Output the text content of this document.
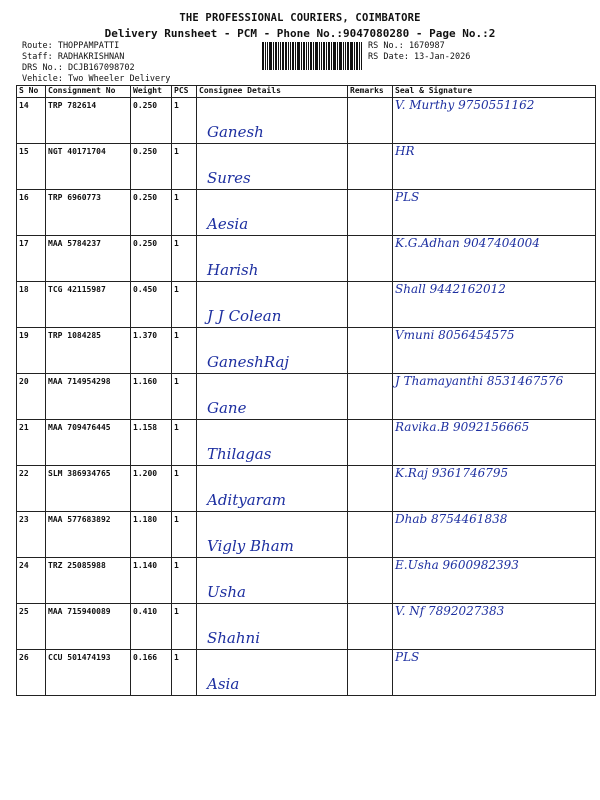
THE PROFESSIONAL COURIERS, COIMBATORE
Delivery Runsheet - PCM - Phone No.:9047080280 - Page No.:2
Route: THOPPAMPATTI
Staff: RADHAKRISHNAN
DRS No.: DCJB167098702
Vehicle: Two Wheeler Delivery
RS No.: 1670987
RS Date: 13-Jan-2026
S No	Consignment No	Weight	PCS	Consignee Details	Remarks	Seal & Signature
14	TRP 782614	0.250	1	Ganesh		V. Murthy 9750551162
15	NGT 40171704	0.250	1	Sures		HR
16	TRP 6960773	0.250	1	Aesia		PLS
17	MAA 5784237	0.250	1	Harish		K.G.Adhan 9047404004
18	TCG 42115987	0.450	1	J J Colean		Shall 9442162012
19	TRP 1084285	1.370	1	GaneshRaj		Vmuni 8056454575
20	MAA 714954298	1.160	1	Gane		J Thamayanthi 8531467576
21	MAA 709476445	1.158	1	Thilagas		Ravika.B 9092156665
22	SLM 386934765	1.200	1	Adityaram		K.Raj 9361746795
23	MAA 577683892	1.180	1	Vigly Bham		Dhab 8754461838
24	TRZ 25085988	1.140	1	Usha		E.Usha 9600982393
25	MAA 715940089	0.410	1	Shahni		V. Nf 7892027383
26	CCU 501474193	0.166	1	Asia		PLS
